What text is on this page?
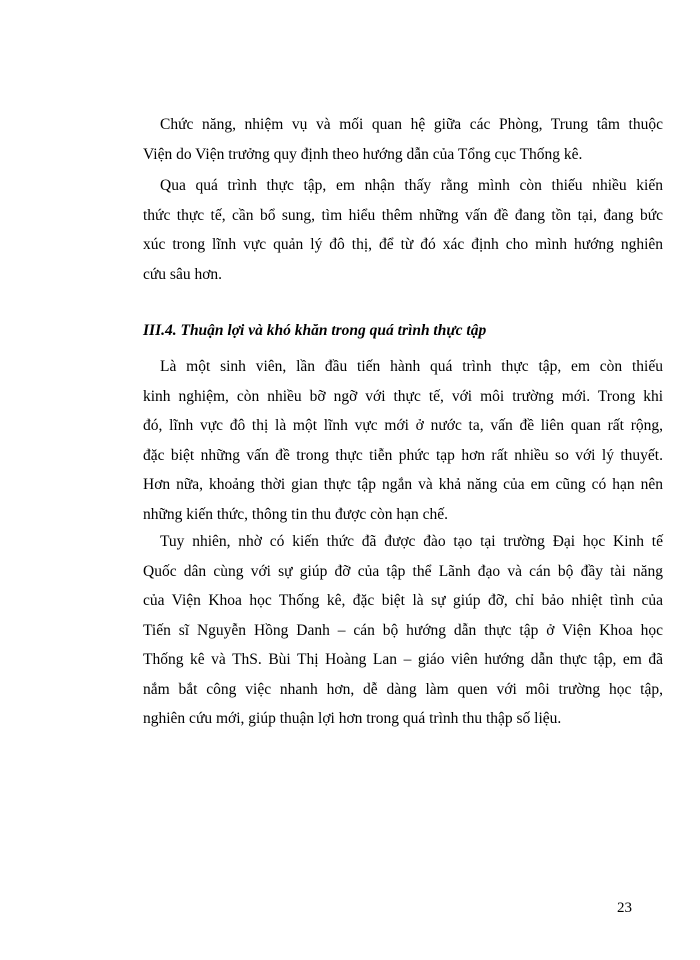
Chức năng, nhiệm vụ và mối quan hệ giữa các Phòng, Trung tâm thuộc
Viện do Viện trưởng quy định theo hướng dẫn của Tổng cục Thống kê.
Qua quá trình thực tập, em nhận thấy rằng mình còn thiếu nhiều kiến
thức thực tế, cần bổ sung, tìm hiểu thêm những vấn đề đang tồn tại, đang bức
xúc trong lĩnh vực quản lý đô thị, để từ đó xác định cho mình hướng nghiên
cứu sâu hơn.
III.4. Thuận lợi và khó khăn trong quá trình thực tập
Là một sinh viên, lần đầu tiến hành quá trình thực tập, em còn thiếu
kinh nghiệm, còn nhiều bỡ ngỡ với thực tế, với môi trường mới. Trong khi
đó, lĩnh vực đô thị là một lĩnh vực mới ở nước ta, vấn đề liên quan rất rộng,
đặc biệt những vấn đề trong thực tiễn phức tạp hơn rất nhiều so với lý thuyết.
Hơn nữa, khoảng thời gian thực tập ngắn và khả năng của em cũng có hạn nên
những kiến thức, thông tin thu được còn hạn chế.
Tuy nhiên, nhờ có kiến thức đã được đào tạo tại trường Đại học Kinh tế
Quốc dân cùng với sự giúp đỡ của tập thể Lãnh đạo và cán bộ đầy tài năng
của Viện Khoa học Thống kê, đặc biệt là sự giúp đỡ, chỉ bảo nhiệt tình của
Tiến sĩ Nguyễn Hồng Danh – cán bộ hướng dẫn thực tập ở Viện Khoa học
Thống kê và ThS. Bùi Thị Hoàng Lan – giáo viên hướng dẫn thực tập, em đã
nắm bắt công việc nhanh hơn, dễ dàng làm quen với môi trường học tập,
nghiên cứu mới, giúp thuận lợi hơn trong quá trình thu thập số liệu.
23
